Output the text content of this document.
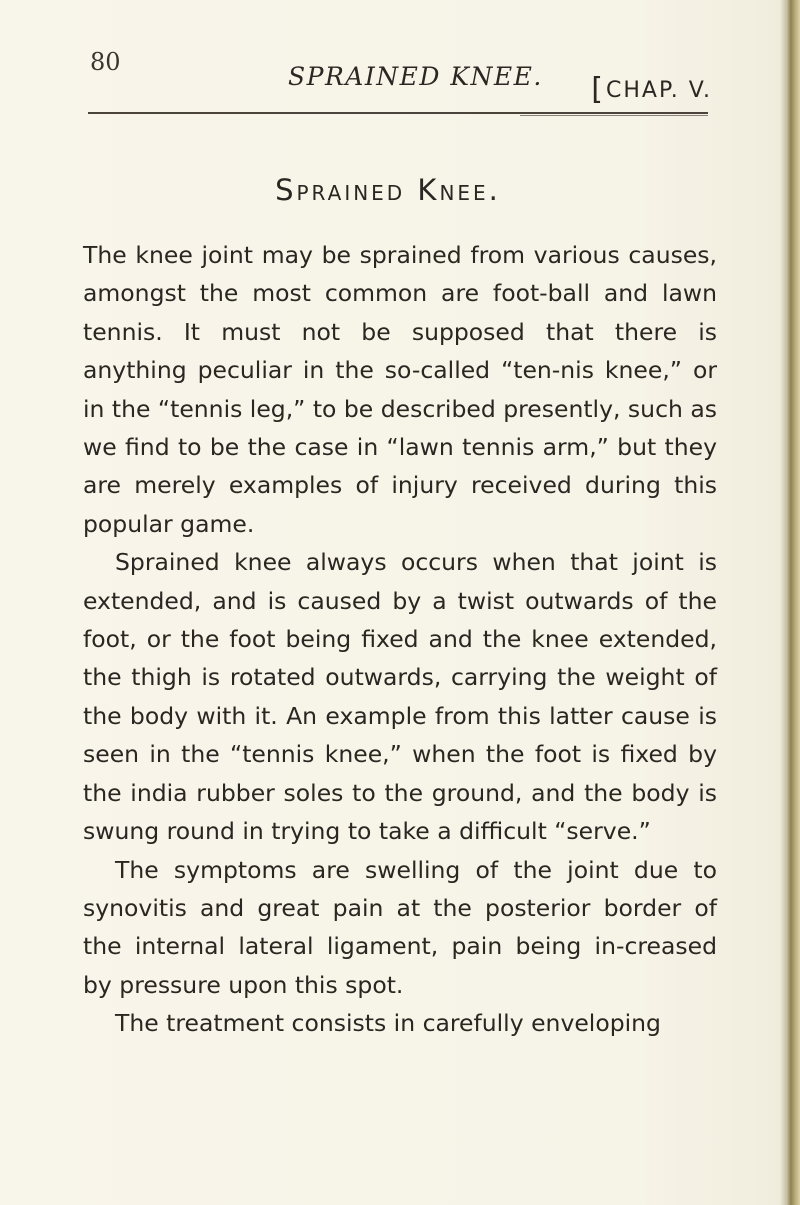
80	SPRAINED KNEE. [CHAP. V.
Sprained Knee.

The knee joint may be sprained from various causes, amongst the most common are foot-ball and lawn tennis. It must not be supposed that there is anything peculiar in the so-called “ten-nis knee,” or in the “tennis leg,” to be described presently, such as we find to be the case in “lawn tennis arm,” but they are merely examples of injury received during this popular game.

Sprained knee always occurs when that joint is extended, and is caused by a twist outwards of the foot, or the foot being fixed and the knee extended, the thigh is rotated outwards, carrying the weight of the body with it. An example from this latter cause is seen in the “tennis knee,” when the foot is fixed by the india rubber soles to the ground, and the body is swung round in trying to take a difficult “serve.”

The symptoms are swelling of the joint due to synovitis and great pain at the posterior border of the internal lateral ligament, pain being in-creased by pressure upon this spot.

The treatment consists in carefully enveloping
